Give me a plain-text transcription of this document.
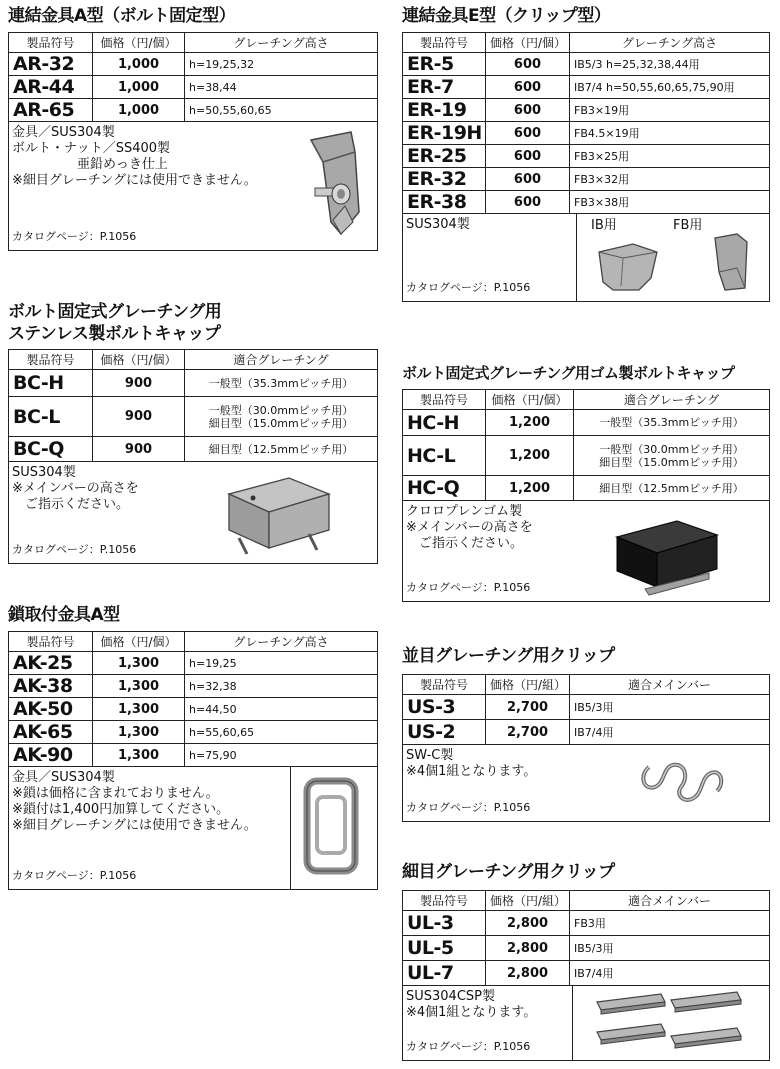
連結金具A型（ボルト固定型）
製品符号	価格（円/個）	グレーチング高さ
AR-32	1,000	h=19,25,32
AR-44	1,000	h=38,44
AR-65	1,000	h=50,55,60,65
金具／SUS304製
ボルト・ナット／SS400製
　　　　　亜鉛めっき仕上
※細目グレーチングには使用できません。
カタログページ：P.1056
連結金具E型（クリップ型）
製品符号	価格（円/個）	グレーチング高さ
ER-5	600	IB5/3 h=25,32,38,44用
ER-7	600	IB7/4 h=50,55,60,65,75,90用
ER-19	600	FB3×19用
ER-19H	600	FB4.5×19用
ER-25	600	FB3×25用
ER-32	600	FB3×32用
ER-38	600	FB3×38用
SUS304製
カタログページ：P.1056
IB用	FB用
ボルト固定式グレーチング用
ステンレス製ボルトキャップ
製品符号	価格（円/個）	適合グレーチング
BC-H	900	一般型（35.3mmピッチ用）

BC-L	900	一般型（30.0mmピッチ用）
細目型（15.0mmピッチ用）

BC-Q	900	細目型（12.5mmピッチ用）
SUS304製
※メインバーの高さを
　ご指示ください。
カタログページ：P.1056
ボルト固定式グレーチング用ゴム製ボルトキャップ
製品符号	価格（円/個）	適合グレーチング
HC-H	1,200	一般型（35.3mmピッチ用）

HC-L	1,200	一般型（30.0mmピッチ用）
細目型（15.0mmピッチ用）

HC-Q	1,200	細目型（12.5mmピッチ用）
クロロプレンゴム製
※メインバーの高さを
　ご指示ください。
カタログページ：P.1056
鎖取付金具A型
製品符号	価格（円/個）	グレーチング高さ
AK-25	1,300	h=19,25
AK-38	1,300	h=32,38
AK-50	1,300	h=44,50
AK-65	1,300	h=55,60,65
AK-90	1,300	h=75,90
金具／SUS304製
※鎖は価格に含まれておりません。
※鎖付は1,400円加算してください。
※細目グレーチングには使用できません。
カタログページ：P.1056
並目グレーチング用クリップ
製品符号	価格（円/組）	適合メインバー
US-3	2,700	IB5/3用
US-2	2,700	IB7/4用
SW-C製
※4個1組となります。
カタログページ：P.1056
細目グレーチング用クリップ
製品符号	価格（円/組）	適合メインバー
UL-3	2,800	FB3用
UL-5	2,800	IB5/3用
UL-7	2,800	IB7/4用
SUS304CSP製
※4個1組となります。
カタログページ：P.1056
